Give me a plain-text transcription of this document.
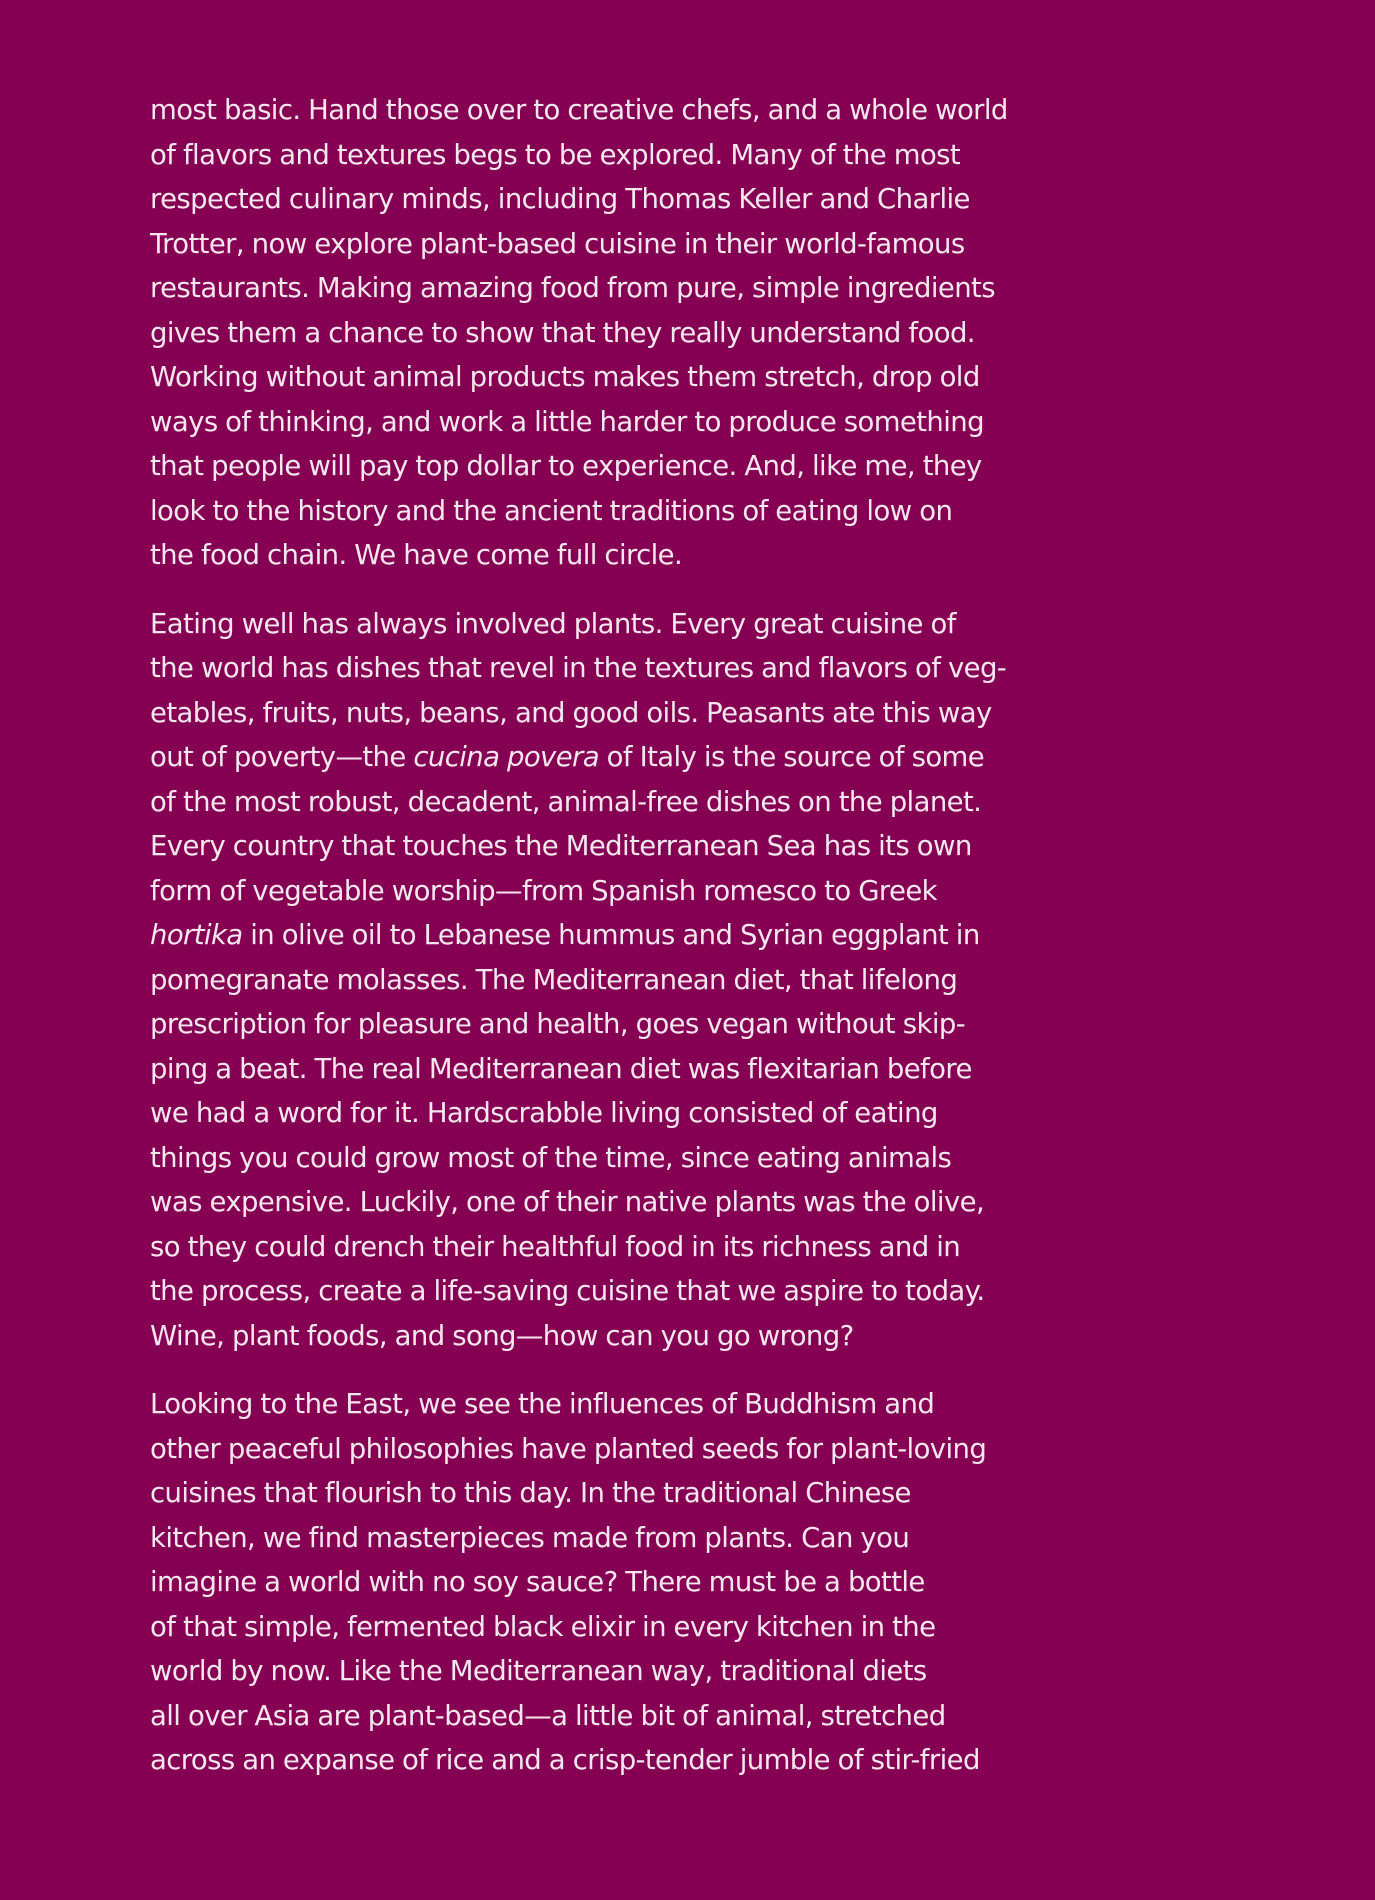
most basic. Hand those over to creative chefs, and a whole world
of flavors and textures begs to be explored. Many of the most
respected culinary minds, including Thomas Keller and Charlie
Trotter, now explore plant-based cuisine in their world-famous
restaurants. Making amazing food from pure, simple ingredients
gives them a chance to show that they really understand food.
Working without animal products makes them stretch, drop old
ways of thinking, and work a little harder to produce something
that people will pay top dollar to experience. And, like me, they
look to the history and the ancient traditions of eating low on
the food chain. We have come full circle.

Eating well has always involved plants. Every great cuisine of
the world has dishes that revel in the textures and flavors of veg-
etables, fruits, nuts, beans, and good oils. Peasants ate this way
out of poverty—the cucina povera of Italy is the source of some
of the most robust, decadent, animal-free dishes on the planet.
Every country that touches the Mediterranean Sea has its own
form of vegetable worship—from Spanish romesco to Greek
hortika in olive oil to Lebanese hummus and Syrian eggplant in
pomegranate molasses. The Mediterranean diet, that lifelong
prescription for pleasure and health, goes vegan without skip-
ping a beat. The real Mediterranean diet was flexitarian before
we had a word for it. Hardscrabble living consisted of eating
things you could grow most of the time, since eating animals
was expensive. Luckily, one of their native plants was the olive,
so they could drench their healthful food in its richness and in
the process, create a life-saving cuisine that we aspire to today.
Wine, plant foods, and song—how can you go wrong?

Looking to the East, we see the influences of Buddhism and
other peaceful philosophies have planted seeds for plant-loving
cuisines that flourish to this day. In the traditional Chinese
kitchen, we find masterpieces made from plants. Can you
imagine a world with no soy sauce? There must be a bottle
of that simple, fermented black elixir in every kitchen in the
world by now. Like the Mediterranean way, traditional diets
all over Asia are plant-based—a little bit of animal, stretched
across an expanse of rice and a crisp-tender jumble of stir-fried
